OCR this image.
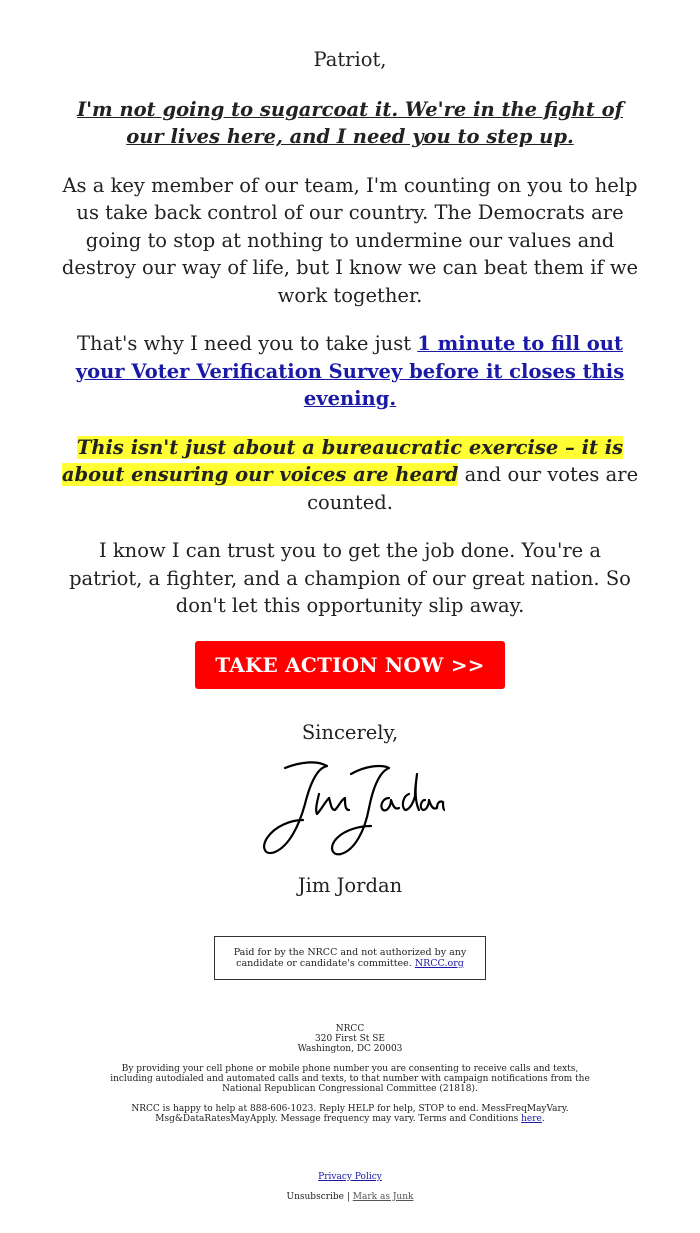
Patriot,

I'm not going to sugarcoat it. We're in the fight of our lives here, and I need you to step up.

As a key member of our team, I'm counting on you to help us take back control of our country. The Democrats are going to stop at nothing to undermine our values and destroy our way of life, but I know we can beat them if we work together.

That's why I need you to take just 1 minute to fill out your Voter Verification Survey before it closes this evening.

This isn't just about a bureaucratic exercise – it is about ensuring our voices are heard and our votes are counted.

I know I can trust you to get the job done. You're a patriot, a fighter, and a champion of our great nation. So don't let this opportunity slip away.

TAKE ACTION NOW >>

Sincerely,

Jim Jordan

Paid for by the NRCC and not authorized by any candidate or candidate's committee. NRCC.org
NRCC
320 First St SE
Washington, DC 20003

By providing your cell phone or mobile phone number you are consenting to receive calls and texts, including autodialed and automated calls and texts, to that number with campaign notifications from the National Republican Congressional Committee (21818).

NRCC is happy to help at 888-606-1023. Reply HELP for help, STOP to end. MessFreqMayVary. Msg&DataRatesMayApply. Message frequency may vary. Terms and Conditions here.

Privacy Policy
Unsubscribe | Mark as Junk
